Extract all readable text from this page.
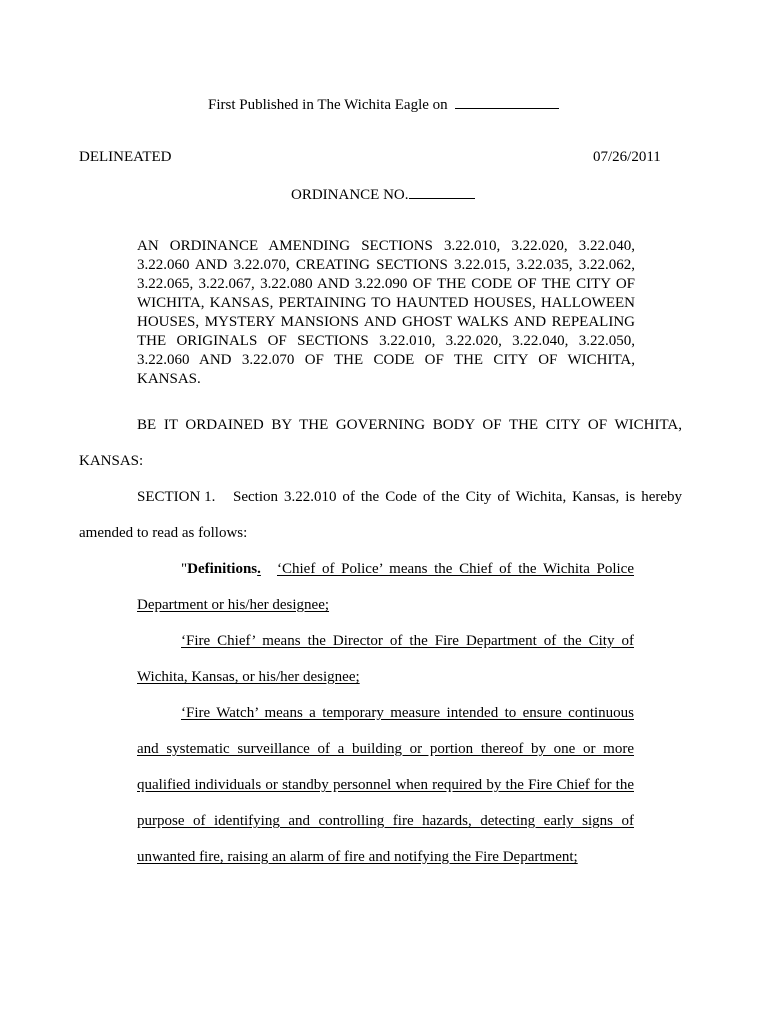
First Published in The Wichita Eagle on
DELINEATED	07/26/2011
ORDINANCE NO.
AN ORDINANCE AMENDING SECTIONS 3.22.010, 3.22.020, 3.22.040,
3.22.060 AND 3.22.070, CREATING SECTIONS 3.22.015, 3.22.035, 3.22.062,
3.22.065, 3.22.067, 3.22.080 AND 3.22.090 OF THE CODE OF THE CITY OF
WICHITA, KANSAS, PERTAINING TO HAUNTED HOUSES, HALLOWEEN
HOUSES, MYSTERY MANSIONS AND GHOST WALKS AND REPEALING
THE ORIGINALS OF SECTIONS 3.22.010, 3.22.020, 3.22.040, 3.22.050,
3.22.060 AND 3.22.070 OF THE CODE OF THE CITY OF WICHITA,
KANSAS.
BE IT ORDAINED BY THE GOVERNING BODY OF THE CITY OF WICHITA,
KANSAS:
SECTION 1. Section 3.22.010 of the Code of the City of Wichita, Kansas, is hereby
amended to read as follows:
"Definitions. ‘Chief of Police’ means the Chief of the Wichita Police
Department or his/her designee;
‘Fire Chief’ means the Director of the Fire Department of the City of
Wichita, Kansas, or his/her designee;
‘Fire Watch’ means a temporary measure intended to ensure continuous
and systematic surveillance of a building or portion thereof by one or more
qualified individuals or standby personnel when required by the Fire Chief for the
purpose of identifying and controlling fire hazards, detecting early signs of
unwanted fire, raising an alarm of fire and notifying the Fire Department;
